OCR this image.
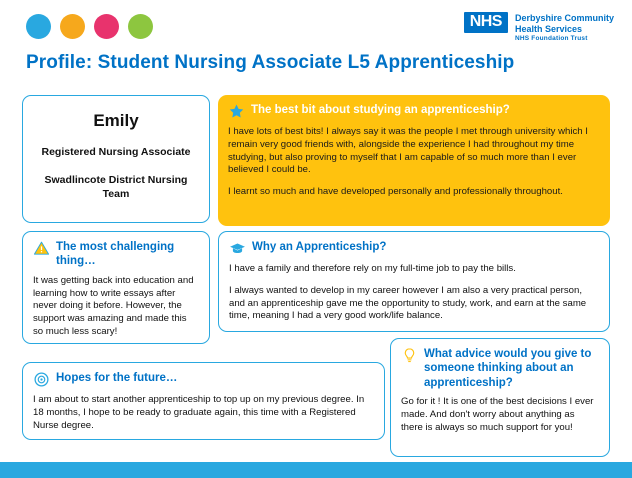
NHS	Derbyshire Community
Health Services
NHS Foundation Trust
Profile: Student Nursing Associate L5 Apprenticeship
Emily
Registered Nursing Associate
Swadlincote District Nursing Team
The best bit about studying an apprenticeship?

I have lots of best bits! I always say it was the people I met through university which I remain very good friends with, alongside the experience I had throughout my time studying, but also proving to myself that I am capable of so much more than I ever believed I could be.

I learnt so much and have developed personally and professionally throughout.

The most challenging thing…

It was getting back into education and learning how to write essays after never doing it before. However, the support was amazing and made this so much less scary!

Why an Apprenticeship?

I have a family and therefore rely on my full-time job to pay the bills.

I always wanted to develop in my career however I am also a very practical person, and an apprenticeship gave me the opportunity to study, work, and earn at the same time, meaning I had a very good work/life balance.

Hopes for the future…

I am about to start another apprenticeship to top up on my previous degree. In 18 months, I hope to be ready to graduate again, this time with a Registered Nurse degree.

What advice would you give to someone thinking about an apprenticeship?

Go for it ! It is one of the best decisions I ever made. And don't worry about anything as there is always so much support for you!
